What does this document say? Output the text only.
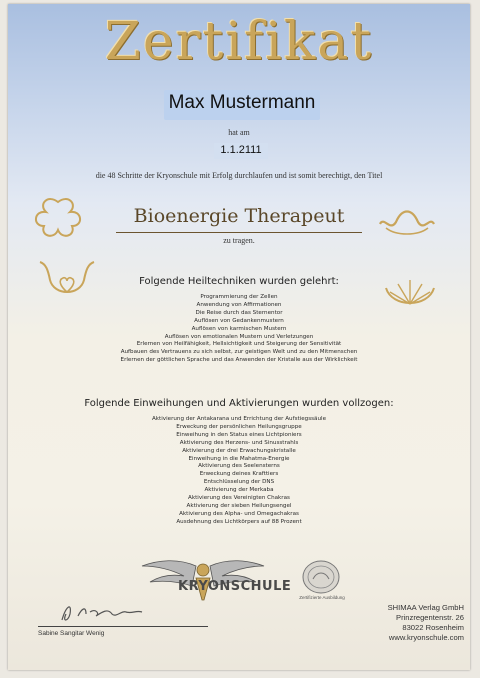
Zertifikat
Max Mustermann
hat am
1.1.2111
die 48 Schritte der Kryonschule mit Erfolg durchlaufen und ist somit berechtigt, den Titel
Bioenergie Therapeut
zu tragen.
Folgende Heiltechniken wurden gelehrt:
Programmierung der Zellen
Anwendung von Affirmationen
Die Reise durch das Sternentor
Auflösen von Gedankenmustern
Auflösen von karmischen Mustern
Auflösen von emotionalen Mustern und Verletzungen
Erlernen von Heilfähigkeit, Hellsichtigkeit und Steigerung der Sensitivität
Aufbauen des Vertrauens zu sich selbst, zur geistigen Welt und zu den Mitmenschen
Erlernen der göttlichen Sprache und das Anwenden der Kristalle aus der Wirklichkeit
Folgende Einweihungen und Aktivierungen wurden vollzogen:
Aktivierung der Antakarana und Errichtung der Aufstiegssäule
Erweckung der persönlichen Heilungsgruppe
Einweihung in den Status eines Lichtpioniers
Aktivierung des Herzens- und Sinusstrahls
Aktivierung der drei Erwachungskristalle
Einweihung in die Mahatma-Energie
Aktivierung des Seelensterns
Erweckung deines Krafttiers
Entschlüsselung der DNS
Aktivierung der Merkaba
Aktivierung des Vereinigten Chakras
Aktivierung der sieben Heilungsengel
Aktivierung des Alpha- und Omegachakras
Ausdehnung des Lichtkörpers auf 88 Prozent
KRYONSCHULE
Zertifizierte Ausbildung
Sabine Sangitar Wenig
SHIMAA Verlag GmbH
Prinzregentenstr. 26
83022 Rosenheim
www.kryonschule.com
